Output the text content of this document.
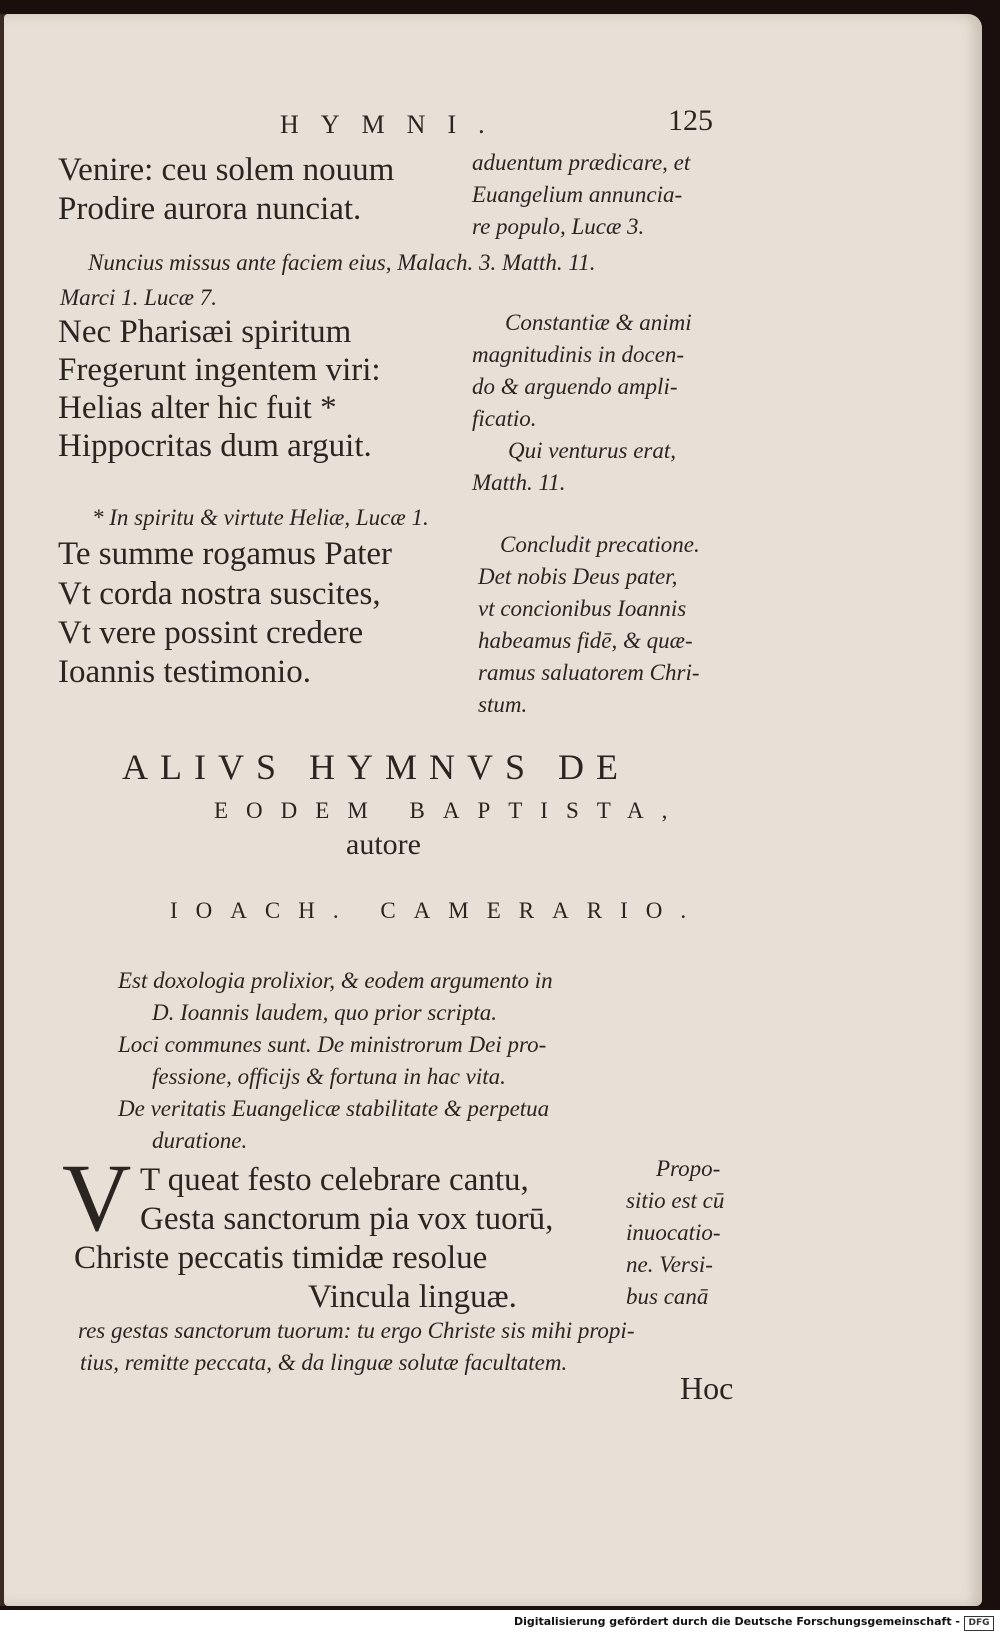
HYMNI.	125
Venire: ceu solem nouum
Prodire aurora nunciat.
aduentum prædicare, et
Euangelium annuncia-
re populo, Lucæ 3.
Nuncius missus ante faciem eius, Malach. 3. Matth. 11.
Marci 1. Lucæ 7.
Nec Pharisæi spiritum
Fregerunt ingentem viri:
Helias alter hic fuit *
Hippocritas dum arguit.
Constantiæ & animi
magnitudinis in docen-
do & arguendo ampli-
ficatio.
Qui venturus erat,
Matth. 11.
* In spiritu & virtute Heliæ, Lucæ 1.
Te summe rogamus Pater
Vt corda nostra suscites,
Vt vere possint credere
Ioannis testimonio.
Concludit precatione.
Det nobis Deus pater,
vt concionibus Ioannis
habeamus fidē, & quæ-
ramus saluatorem Chri-
stum.
ALIVS HYMNVS DE
EODEM BAPTISTA,
autore
IOACH. CAMERARIO.
Est doxologia prolixior, & eodem argumento in
D. Ioannis laudem, quo prior scripta.
Loci communes sunt. De ministrorum Dei pro-
fessione, officijs & fortuna in hac vita.
De veritatis Euangelicæ stabilitate & perpetua
duratione.
V T queat festo celebrare cantu,
Gesta sanctorum pia vox tuorū,
Christe peccatis timidæ resolue
Vincula linguæ.
Propo-
sitio est cū
inuocatio-
ne. Versi-
bus canā
res gestas sanctorum tuorum: tu ergo Christe sis mihi propi-
tius, remitte peccata, & da linguæ solutæ facultatem.
Hoc
Digitalisierung gefördert durch die Deutsche Forschungsgemeinschaft - DFG
